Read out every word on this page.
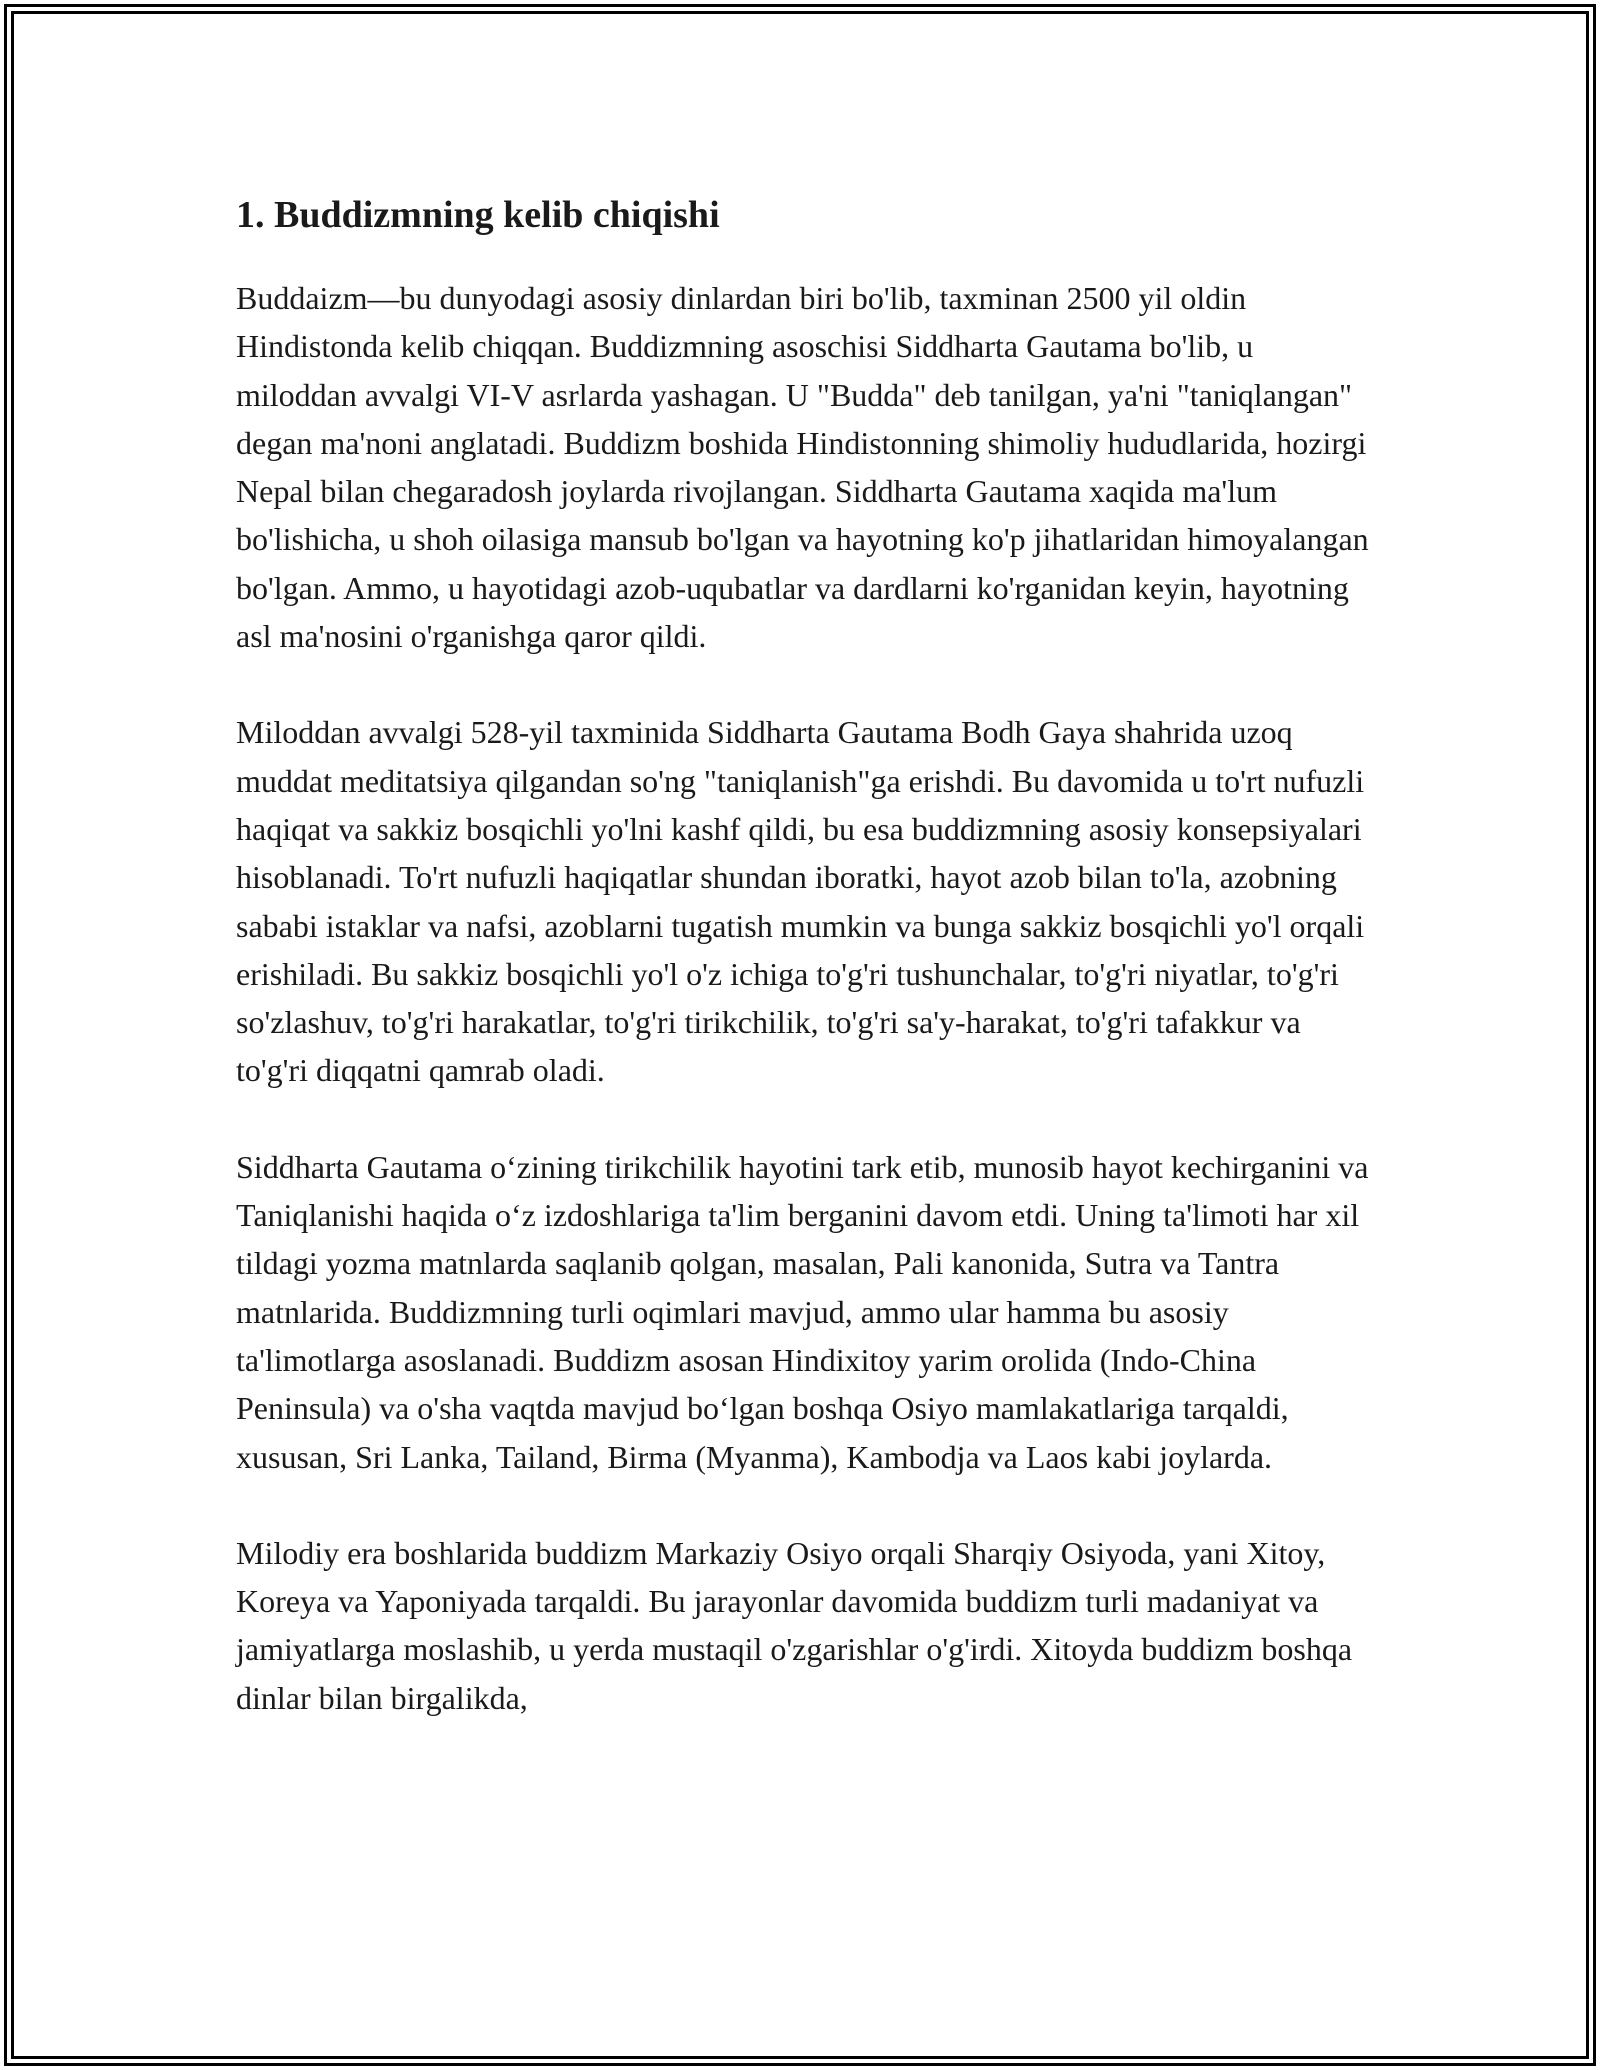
1. Buddizmning kelib chiqishi

Buddaizm—bu dunyodagi asosiy dinlardan biri bo'lib, taxminan 2500 yil oldin Hindistonda kelib chiqqan. Buddizmning asoschisi Siddharta Gautama bo'lib, u miloddan avvalgi VI-V asrlarda yashagan. U "Budda" deb tanilgan, ya'ni "taniqlangan" degan ma'noni anglatadi. Buddizm boshida Hindistonning shimoliy hududlarida, hozirgi Nepal bilan chegaradosh joylarda rivojlangan. Siddharta Gautama xaqida ma'lum bo'lishicha, u shoh oilasiga mansub bo'lgan va hayotning ko'p jihatlaridan himoyalangan bo'lgan. Ammo, u hayotidagi azob-uqubatlar va dardlarni ko'rganidan keyin, hayotning asl ma'nosini o'rganishga qaror qildi.

Miloddan avvalgi 528-yil taxminida Siddharta Gautama Bodh Gaya shahrida uzoq muddat meditatsiya qilgandan so'ng "taniqlanish"ga erishdi. Bu davomida u to'rt nufuzli haqiqat va sakkiz bosqichli yo'lni kashf qildi, bu esa buddizmning asosiy konsepsiyalari hisoblanadi. To'rt nufuzli haqiqatlar shundan iboratki, hayot azob bilan to'la, azobning sababi istaklar va nafsi, azoblarni tugatish mumkin va bunga sakkiz bosqichli yo'l orqali erishiladi. Bu sakkiz bosqichli yo'l o'z ichiga to'g'ri tushunchalar, to'g'ri niyatlar, to'g'ri so'zlashuv, to'g'ri harakatlar, to'g'ri tirikchilik, to'g'ri sa'y-harakat, to'g'ri tafakkur va to'g'ri diqqatni qamrab oladi.

Siddharta Gautama o‘zining tirikchilik hayotini tark etib, munosib hayot kechirganini va Taniqlanishi haqida o‘z izdoshlariga ta'lim berganini davom etdi. Uning ta'limoti har xil tildagi yozma matnlarda saqlanib qolgan, masalan, Pali kanonida, Sutra va Tantra matnlarida. Buddizmning turli oqimlari mavjud, ammo ular hamma bu asosiy ta'limotlarga asoslanadi. Buddizm asosan Hindixitoy yarim orolida (Indo-China Peninsula) va o'sha vaqtda mavjud bo‘lgan boshqa Osiyo mamlakatlariga tarqaldi, xususan, Sri Lanka, Tailand, Birma (Myanma), Kambodja va Laos kabi joylarda.

Milodiy era boshlarida buddizm Markaziy Osiyo orqali Sharqiy Osiyoda, yani Xitoy, Koreya va Yaponiyada tarqaldi. Bu jarayonlar davomida buddizm turli madaniyat va jamiyatlarga moslashib, u yerda mustaqil o'zgarishlar o'g'irdi. Xitoyda buddizm boshqa dinlar bilan birgalikda,
